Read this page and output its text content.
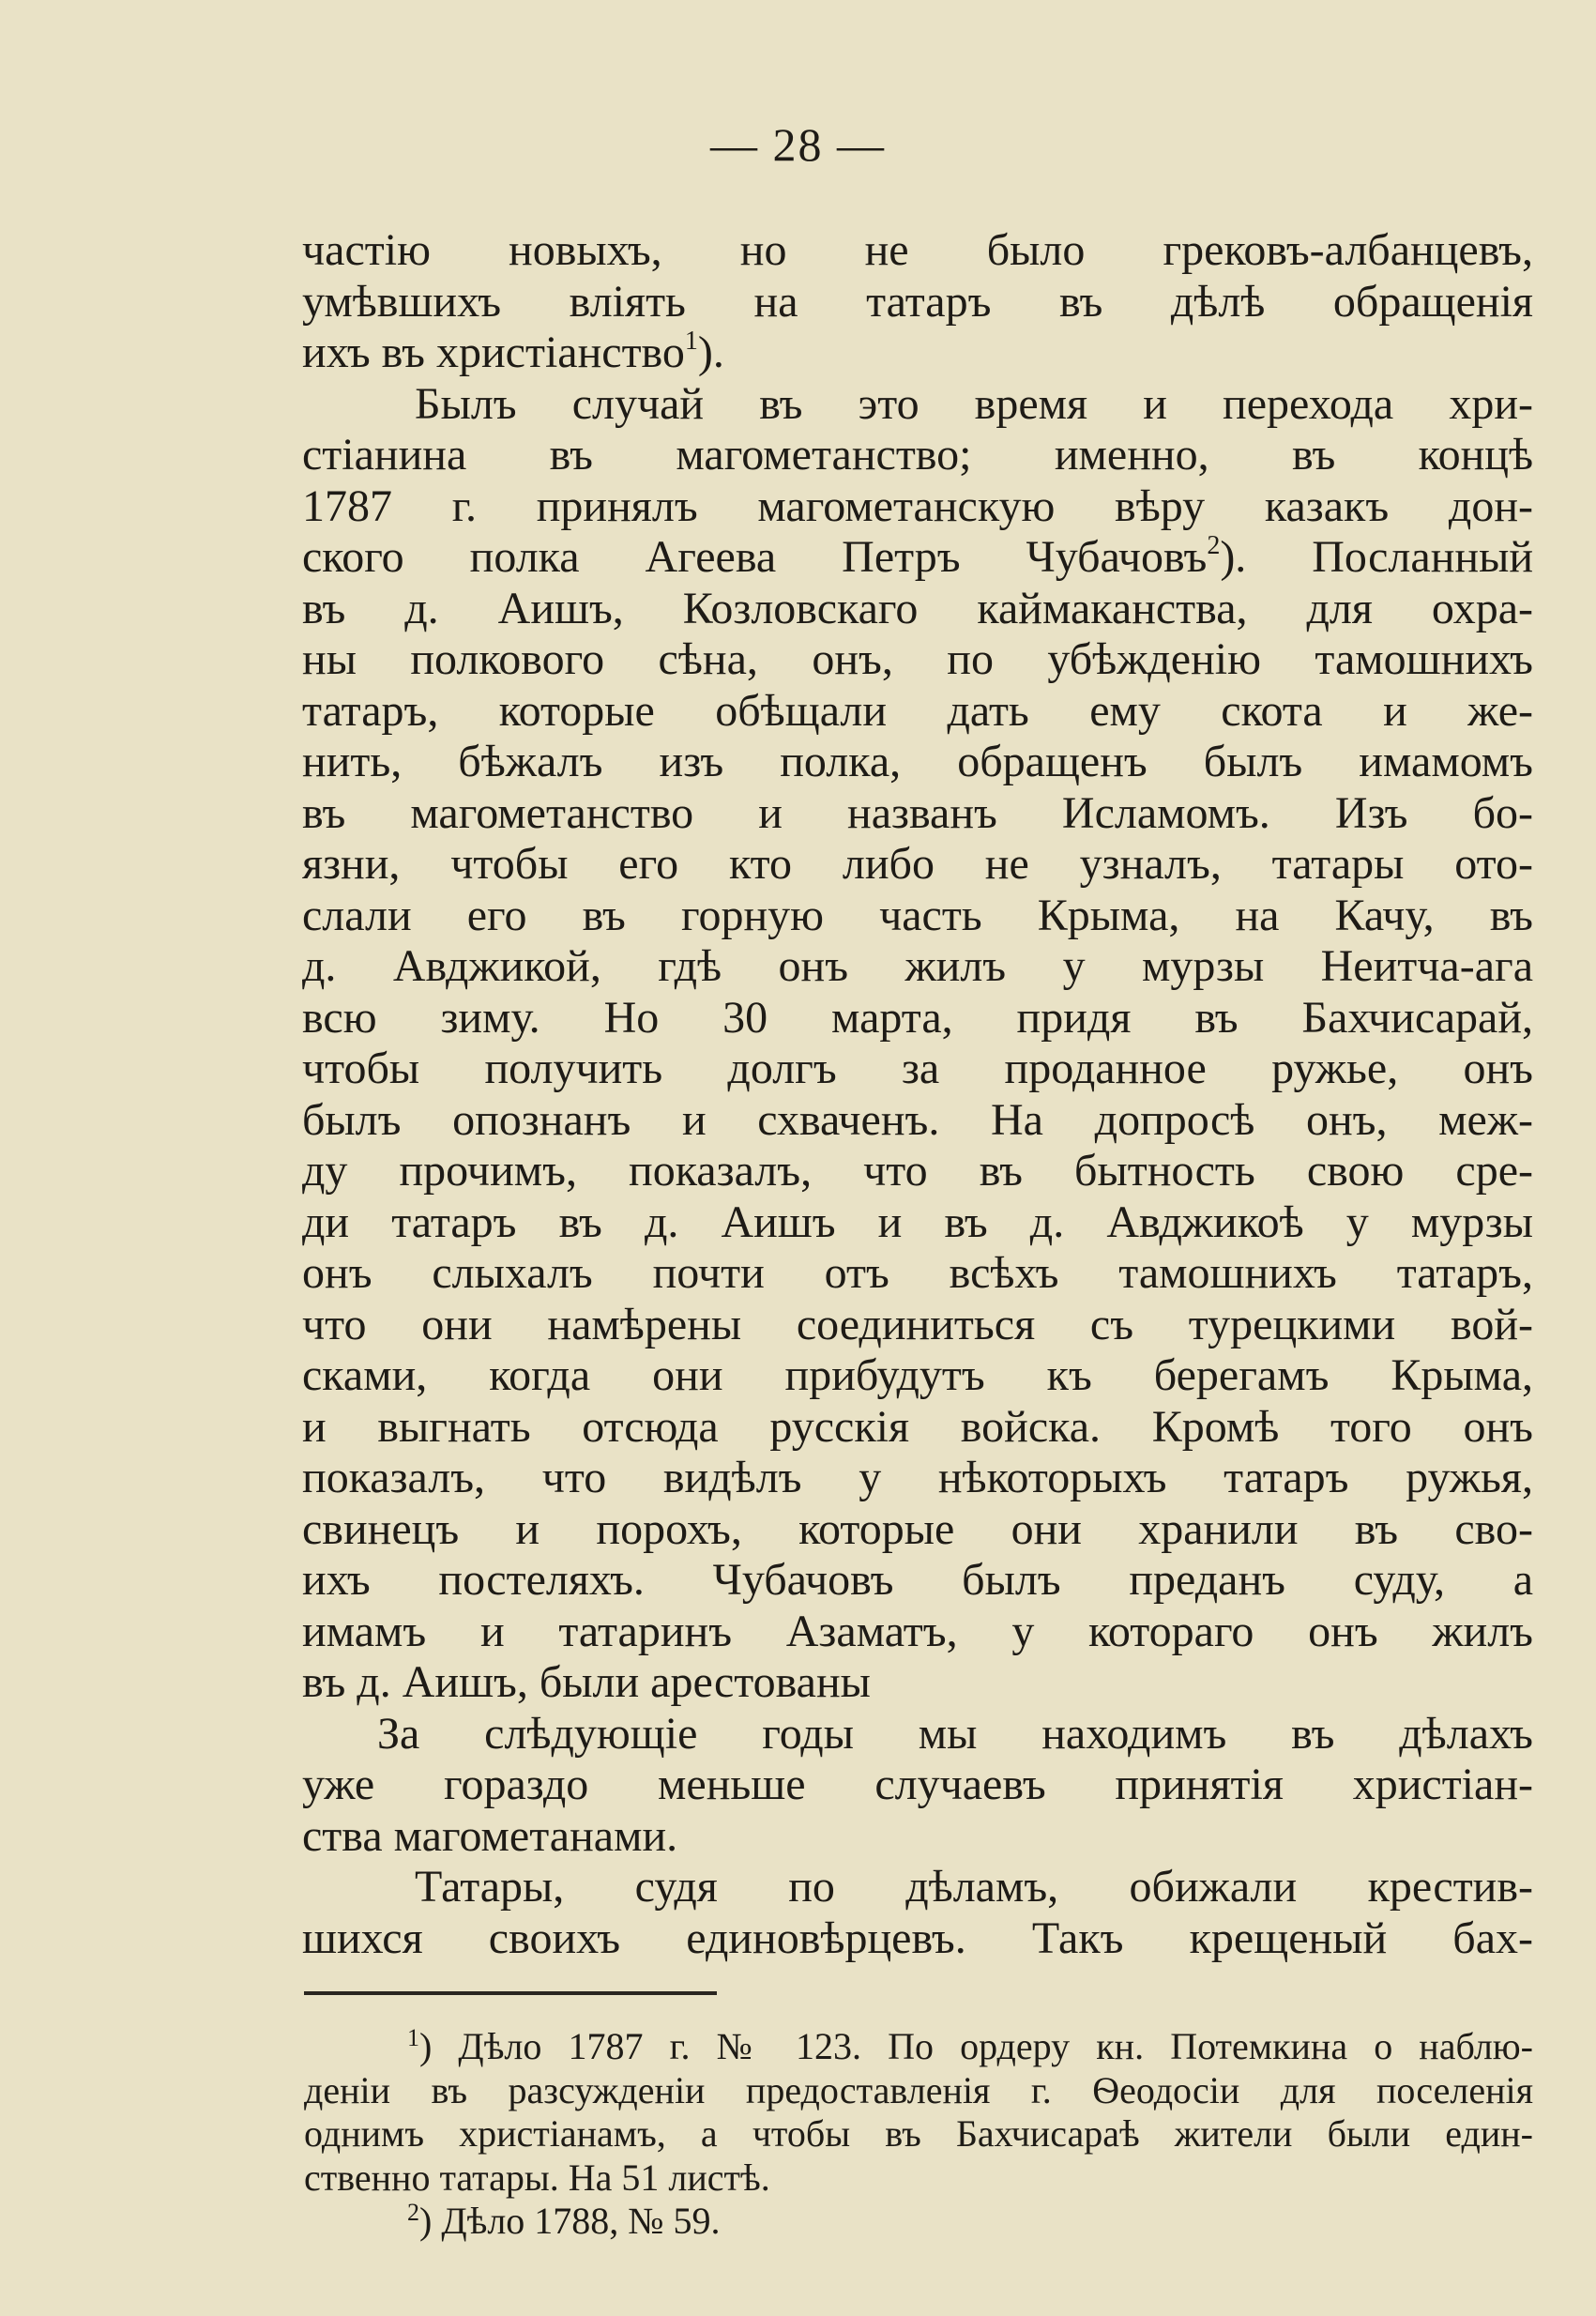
— 28 —
частію новыхъ, но не было грековъ-албанцевъ,
умѣвшихъ вліять на татаръ въ дѣлѣ обращенія
ихъ въ христіанство$^1$).
Былъ случай въ это время и перехода хри-
стіанина въ магометанство; именно, въ концѣ
1787 г. принялъ магометанскую вѣру казакъ дон-
ского полка Агеева Петръ Чубачовъ$^2$). Посланный
въ д. Аишъ, Козловскаго каймаканства, для охра-
ны полкового сѣна, онъ, по убѣжденію тамошнихъ
татаръ, которые обѣщали дать ему скота и же-
нить, бѣжалъ изъ полка, обращенъ былъ имамомъ
въ магометанство и названъ Исламомъ. Изъ бо-
язни, чтобы его кто либо не узналъ, татары ото-
слали его въ горную часть Крыма, на Качу, въ
д. Авджикой, гдѣ онъ жилъ у мурзы Неитча-ага
всю зиму. Но 30 марта, придя въ Бахчисарай,
чтобы получить долгъ за проданное ружье, онъ
былъ опознанъ и схваченъ. На допросѣ онъ, меж-
ду прочимъ, показалъ, что въ бытность свою сре-
ди татаръ въ д. Аишъ и въ д. Авджикоѣ у мурзы
онъ слыхалъ почти отъ всѣхъ тамошнихъ татаръ,
что они намѣрены соединиться съ турецкими вой-
сками, когда они прибудутъ къ берегамъ Крыма,
и выгнать отсюда русскія войска. Кромѣ того онъ
показалъ, что видѣлъ у нѣкоторыхъ татаръ ружья,
свинецъ и порохъ, которые они хранили въ сво-
ихъ постеляхъ. Чубачовъ былъ преданъ суду, а
имамъ и татаринъ Азаматъ, у котораго онъ жилъ
въ д. Аишъ, были арестованы
За слѣдующіе годы мы находимъ въ дѣлахъ
уже гораздо меньше случаевъ принятія христіан-
ства магометанами.
Татары, судя по дѣламъ, обижали крестив-
шихся своихъ единовѣрцевъ. Такъ крещеный бах-
$^1$) Дѣло 1787 г. № 123. По ордеру кн. Потемкина о наблю-
деніи въ разсужденіи предоставленія г. Ѳеодосіи для поселенія
однимъ христіанамъ, а чтобы въ Бахчисараѣ жители были един-
ственно татары. На 51 листѣ.
$^2$) Дѣло 1788, № 59.
